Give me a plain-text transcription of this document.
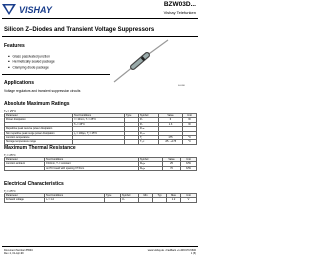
VISHAY
BZW03D...
Vishay Telefunken
Silicon Z–Diodes and Transient Voltage Suppressors
Features
■ Glass passivated junction
■ Hermetically sealed package
■ Clamping diode package
04-090
Applications
Voltage regulators and transient suppression circuits
Absolute Maximum Ratings
Tₐ = 25°C
Parameter	Test Conditions	Type	Symbol	Value	Unit
Power dissipation	l = 10mm, Tₗ = 25°C		Pᵥ	6	W
	Tₐ = 45°C		Pᵥ	1.3	W
Repetitive peak reverse power dissipation			Pᵣᵣₘ		
Non repetitive peak surge power dissipation	tₚ = 100µs, Tⱼ = 25°C		Pᵣₛₘ		
Junction temperature			Tⱼ	175	°C
Storage temperature range			Tₛₜᵍ	-65...+175	°C
Maximum Thermal Resistance
Tⱼ = 25°C
Parameter	Test Conditions	Symbol	Value	Unit
Junction ambient	l=10mm, Tₗ = constant	Rₜₕⱼₐ	25	K/W
	on PC board with spacing 37.5mm	Rₜₕⱼₐ	70	K/W
Electrical Characteristics
Tⱼ = 25°C
Parameter	Test Conditions	Type	Symbol	Min	Typ	Max	Unit
Forward voltage	Iₒ = 1 A		Vₒ			1.2	V
Document Number 85594
Rev. 2, 01-Apr-99
www.vishay.de • FaxBack +1-408-970-5600
1 (5)
